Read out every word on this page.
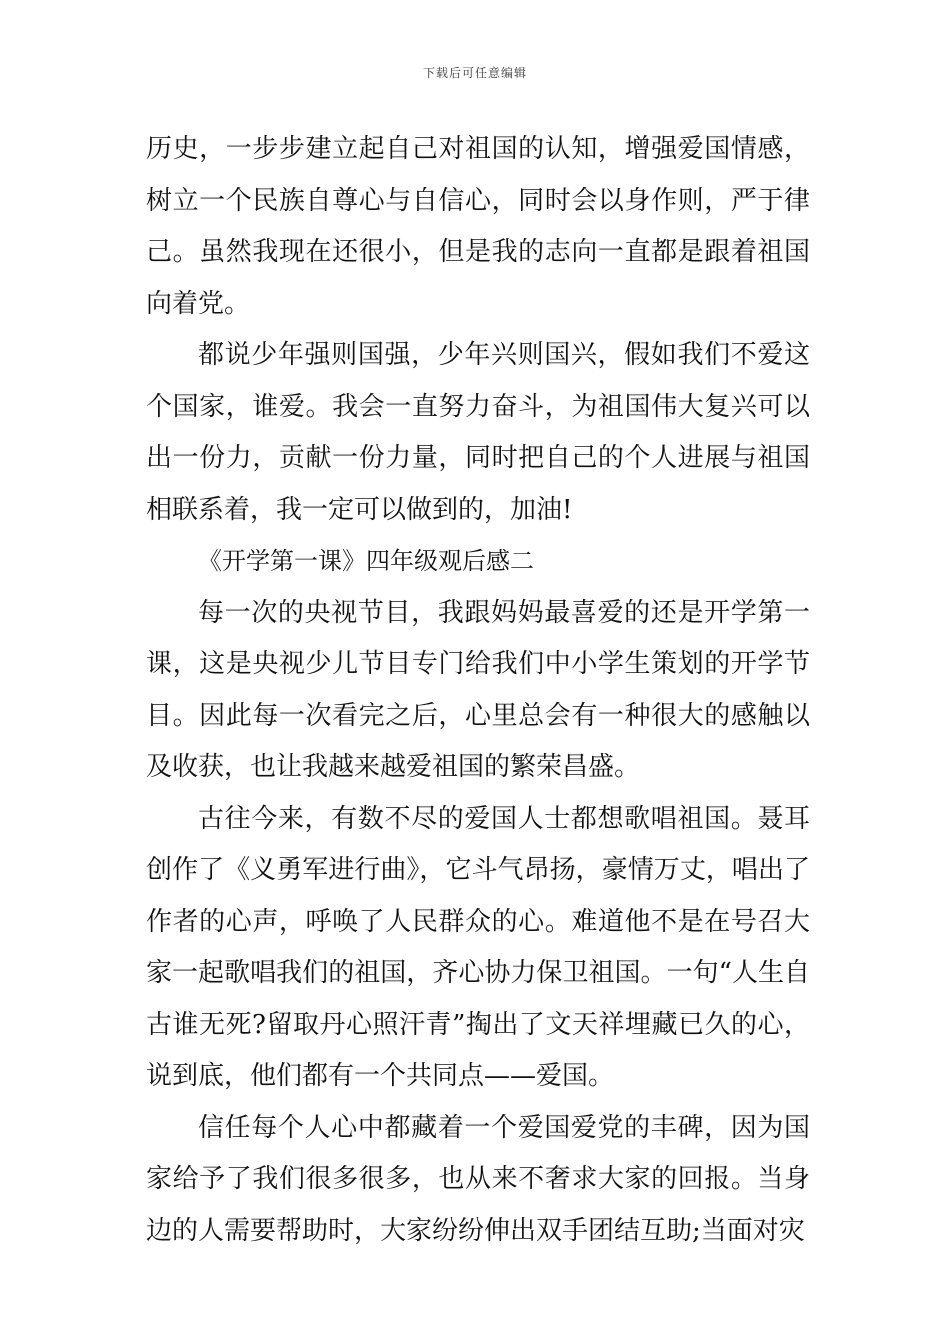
下载后可任意编辑

历史，一步步建立起自己对祖国的认知，增强爱国情感，树立一个民族自尊心与自信心，同时会以身作则，严于律己。虽然我现在还很小，但是我的志向一直都是跟着祖国向着党。

都说少年强则国强，少年兴则国兴，假如我们不爱这个国家，谁爱。我会一直努力奋斗，为祖国伟大复兴可以出一份力，贡献一份力量，同时把自己的个人进展与祖国相联系着，我一定可以做到的，加油!

《开学第一课》四年级观后感二

每一次的央视节目，我跟妈妈最喜爱的还是开学第一课，这是央视少儿节目专门给我们中小学生策划的开学节目。因此每一次看完之后，心里总会有一种很大的感触以及收获，也让我越来越爱祖国的繁荣昌盛。

古往今来，有数不尽的爱国人士都想歌唱祖国。聂耳创作了《义勇军进行曲》，它斗气昂扬，豪情万丈，唱出了作者的心声，呼唤了人民群众的心。难道他不是在号召大家一起歌唱我们的祖国，齐心协力保卫祖国。一句“人生自古谁无死?留取丹心照汗青”掏出了文天祥埋藏已久的心，说到底，他们都有一个共同点——爱国。

信任每个人心中都藏着一个爱国爱党的丰碑，因为国家给予了我们很多很多，也从来不奢求大家的回报。当身边的人需要帮助时，大家纷纷伸出双手团结互助;当面对灾
